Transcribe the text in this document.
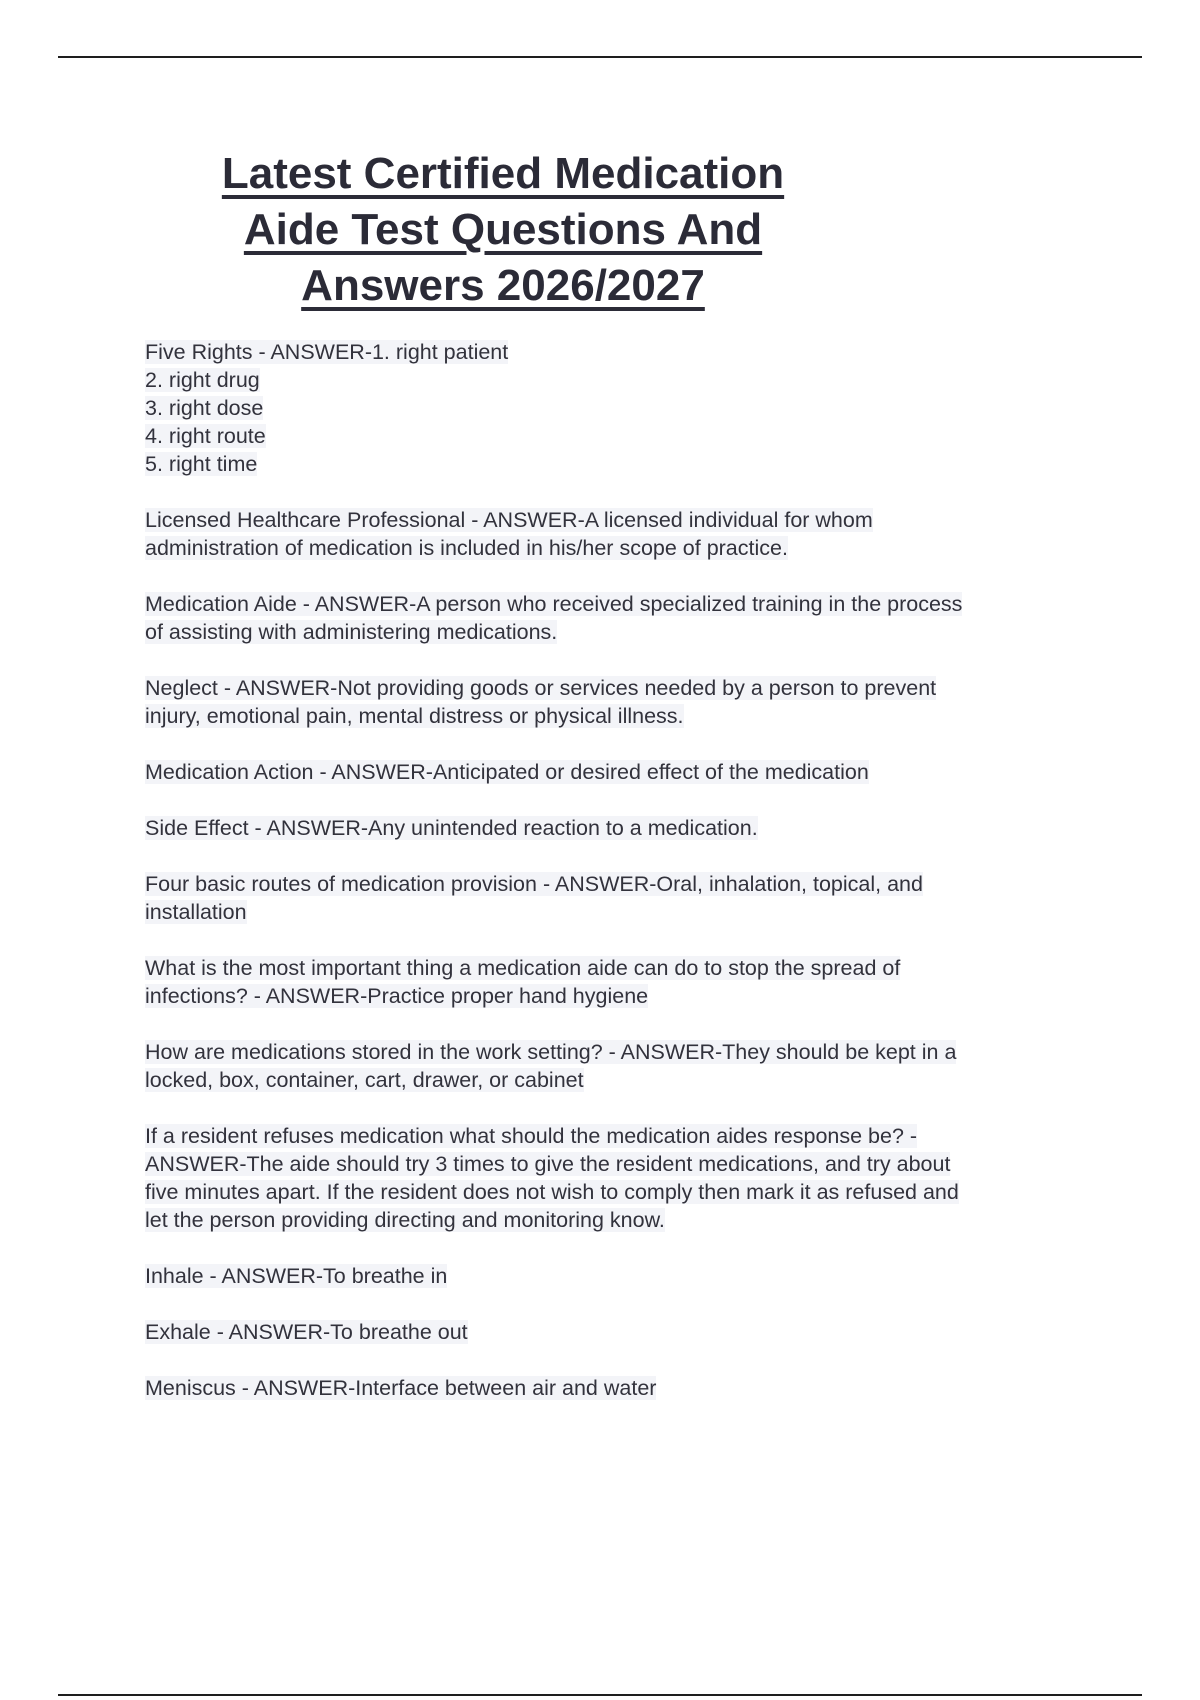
Latest Certified Medication
Aide Test Questions And
Answers 2026/2027
Five Rights - ANSWER-1. right patient
2. right drug
3. right dose
4. right route
5. right time
Licensed Healthcare Professional - ANSWER-A licensed individual for whom
administration of medication is included in his/her scope of practice.
Medication Aide - ANSWER-A person who received specialized training in the process
of assisting with administering medications.
Neglect - ANSWER-Not providing goods or services needed by a person to prevent
injury, emotional pain, mental distress or physical illness.
Medication Action - ANSWER-Anticipated or desired effect of the medication
Side Effect - ANSWER-Any unintended reaction to a medication.
Four basic routes of medication provision - ANSWER-Oral, inhalation, topical, and
installation
What is the most important thing a medication aide can do to stop the spread of
infections? - ANSWER-Practice proper hand hygiene
How are medications stored in the work setting? - ANSWER-They should be kept in a
locked, box, container, cart, drawer, or cabinet
If a resident refuses medication what should the medication aides response be? -
ANSWER-The aide should try 3 times to give the resident medications, and try about
five minutes apart. If the resident does not wish to comply then mark it as refused and
let the person providing directing and monitoring know.
Inhale - ANSWER-To breathe in
Exhale - ANSWER-To breathe out
Meniscus - ANSWER-Interface between air and water
